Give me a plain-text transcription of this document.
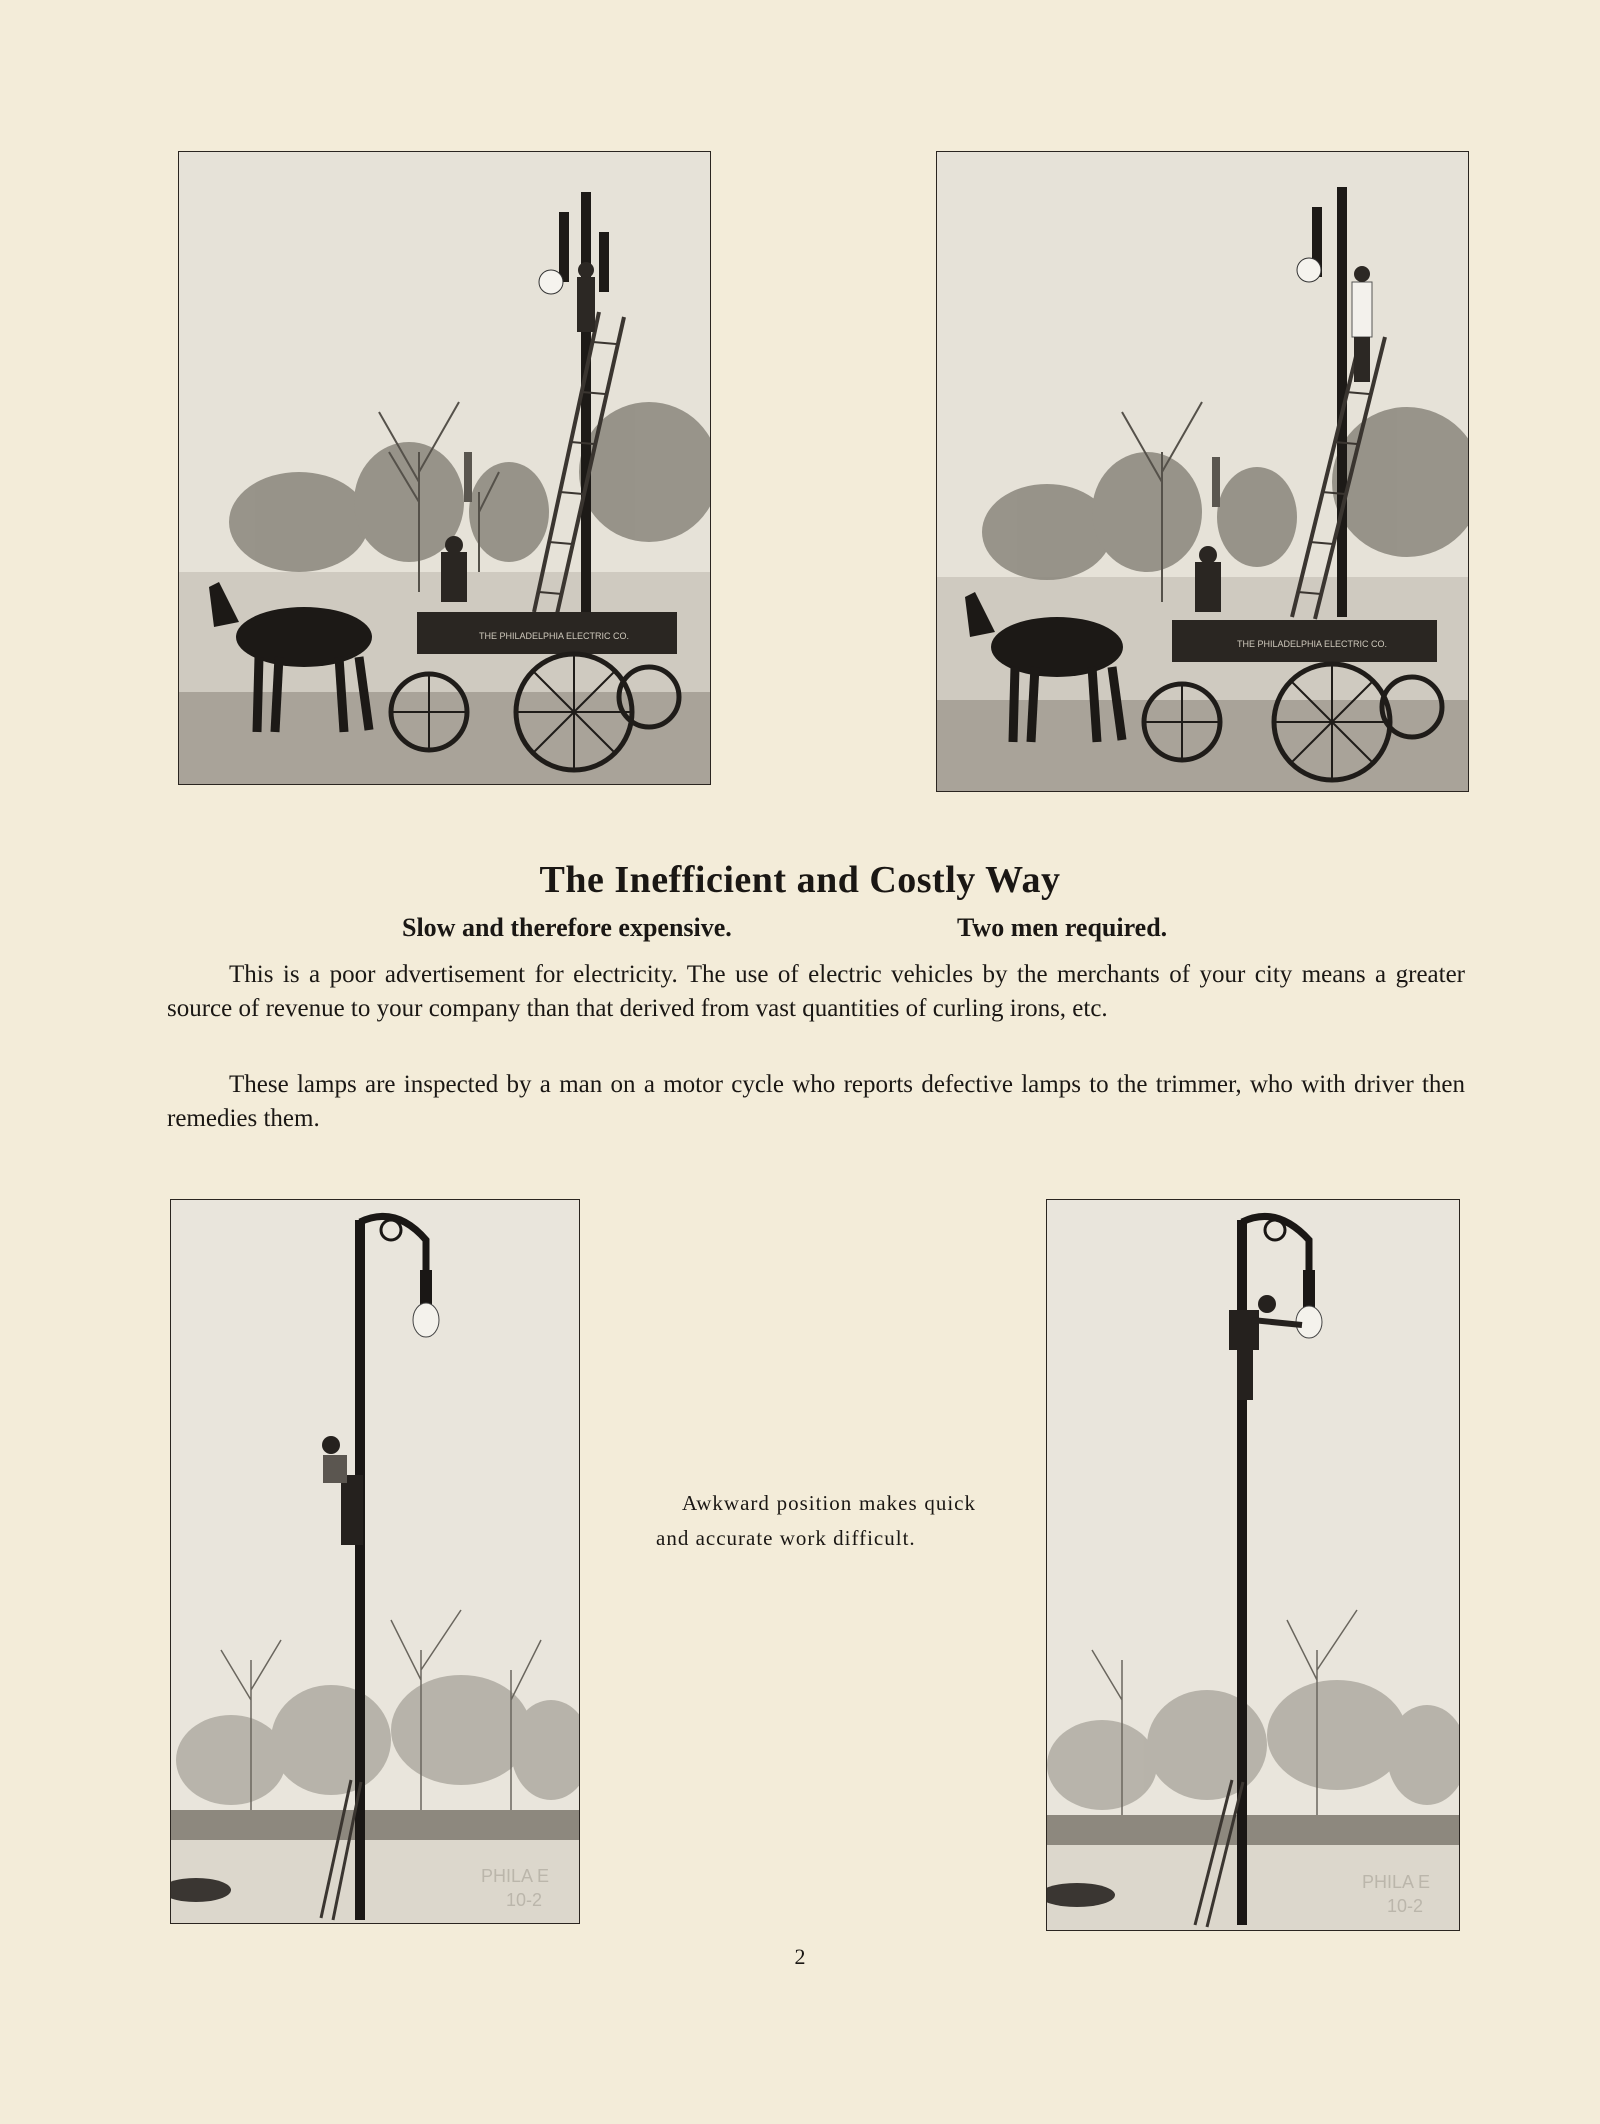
THE PHILADELPHIA ELECTRIC CO.
THE PHILADELPHIA ELECTRIC CO.
The Inefficient and Costly Way
Slow and therefore expensive.	Two men required.

This is a poor advertisement for electricity. The use of electric vehicles by the merchants of your city means a greater source of revenue to your company than that derived from vast quantities of curling irons, etc.

These lamps are inspected by a man on a motor cycle who reports defective lamps to the trimmer, who with driver then remedies them.

PHILA E
10-2
Awkward position makes quick and accurate work difficult.
PHILA E
10-2
2
